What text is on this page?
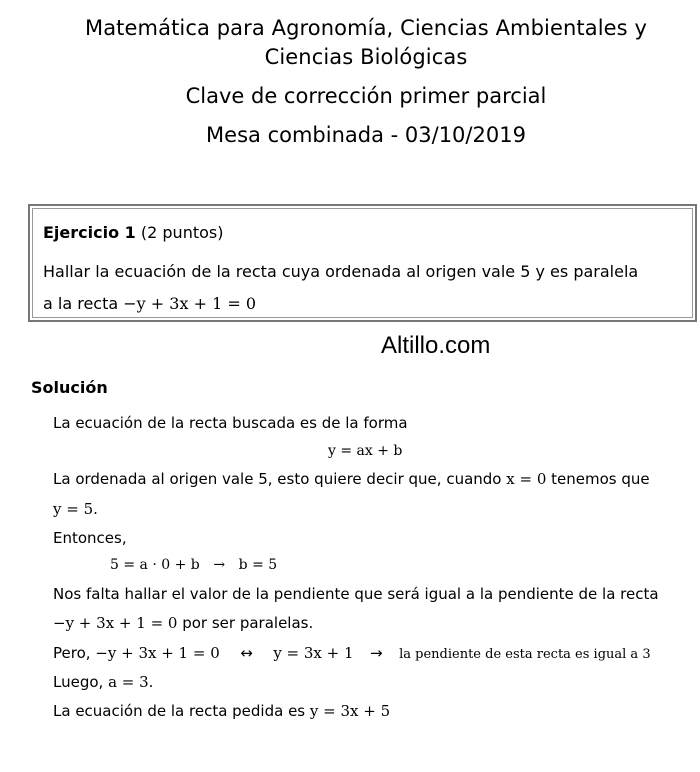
Matemática para Agronomía, Ciencias Ambientales y
Ciencias Biológicas
Clave de corrección primer parcial
Mesa combinada - 03/10/2019
Ejercicio 1 (2 puntos)
Hallar la ecuación de la recta cuya ordenada al origen vale 5 y es paralela
a la recta −y + 3x + 1 = 0
Altillo.com
Solución
La ecuación de la recta buscada es de la forma
y = ax + b
La ordenada al origen vale 5, esto quiere decir que, cuando x = 0 tenemos que
y = 5.
Entonces,
5 = a · 0 + b → b = 5
Nos falta hallar el valor de la pendiente que será igual a la pendiente de la recta
−y + 3x + 1 = 0 por ser paralelas.
Pero, −y + 3x + 1 = 0 ↔ y = 3x + 1 → la pendiente de esta recta es igual a 3
Luego, a = 3.
La ecuación de la recta pedida es y = 3x + 5
